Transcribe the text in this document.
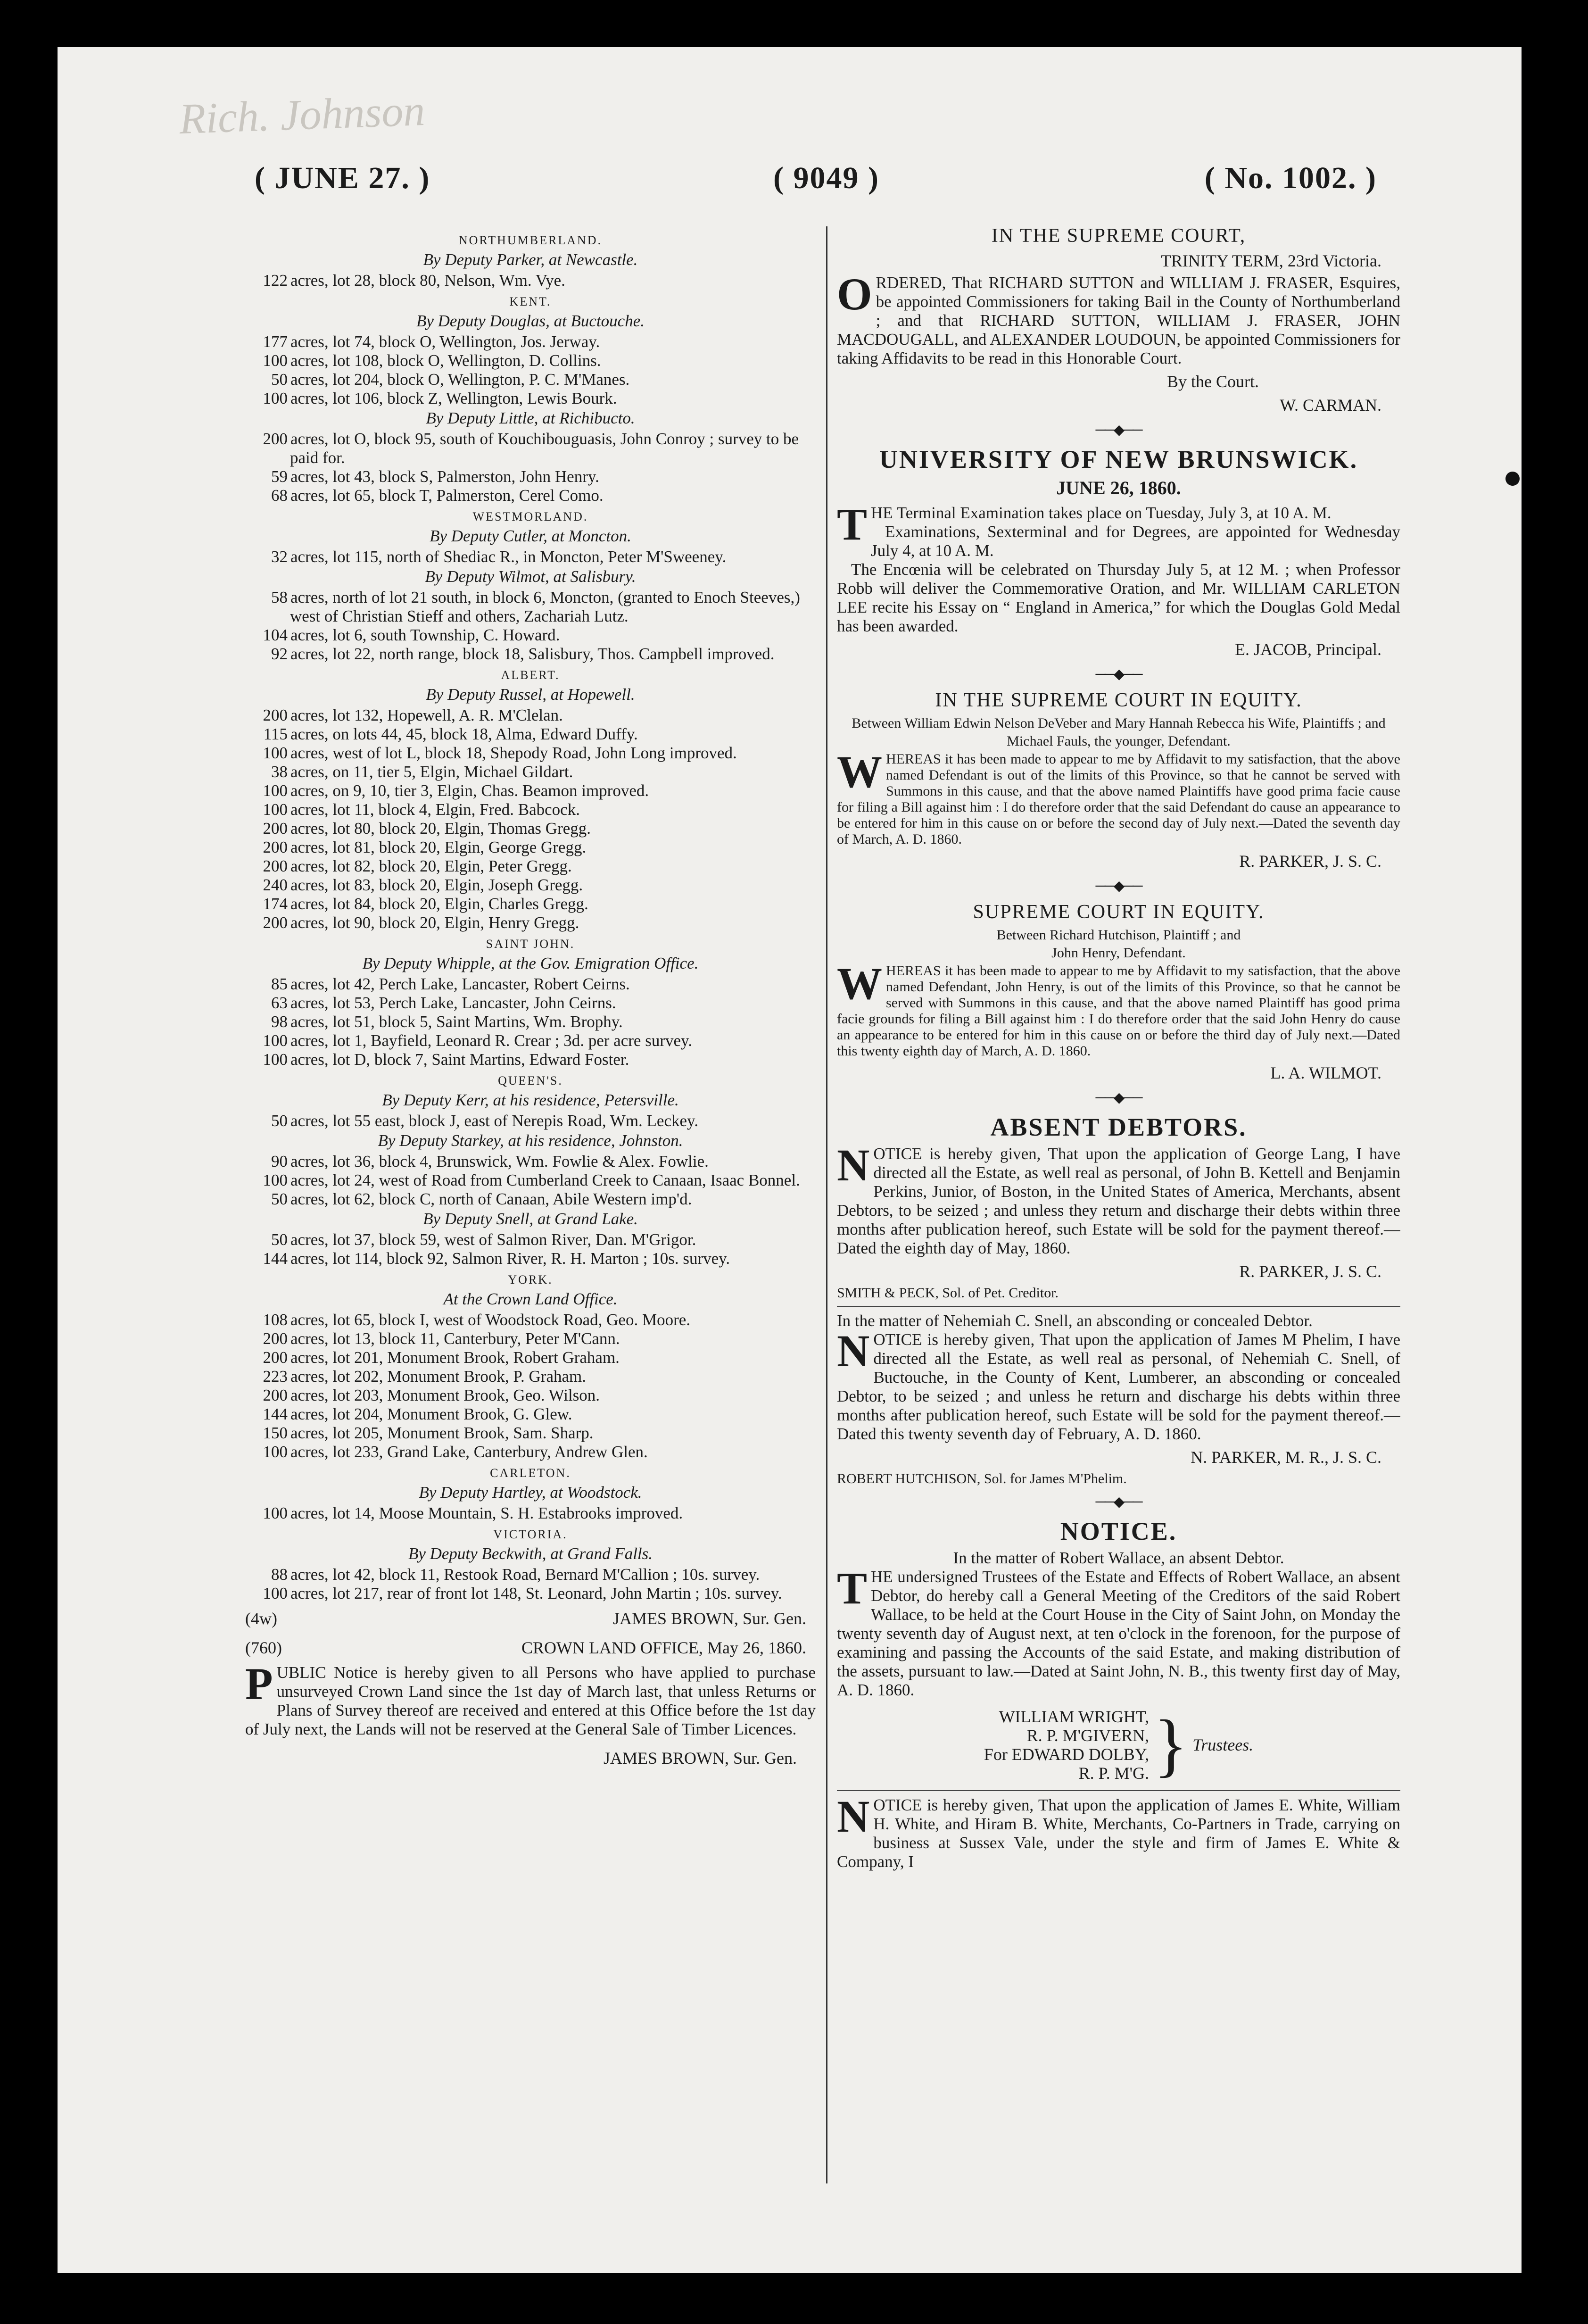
Rich. Johnson
( JUNE 27. )	( 9049 )	( No. 1002. )
NORTHUMBERLAND.
By Deputy Parker, at Newcastle.

122 acres, lot 28, block 80, Nelson, Wm. Vye.

KENT.
By Deputy Douglas, at Buctouche.

177 acres, lot 74, block O, Wellington, Jos. Jerway.

100 acres, lot 108, block O, Wellington, D. Collins.

50 acres, lot 204, block O, Wellington, P. C. M'Manes.

100 acres, lot 106, block Z, Wellington, Lewis Bourk.

By Deputy Little, at Richibucto.

200 acres, lot O, block 95, south of Kouchibouguasis, John Conroy ; survey to be paid for.

59 acres, lot 43, block S, Palmerston, John Henry.

68 acres, lot 65, block T, Palmerston, Cerel Como.

WESTMORLAND.
By Deputy Cutler, at Moncton.

32 acres, lot 115, north of Shediac R., in Moncton, Peter M'Sweeney.

By Deputy Wilmot, at Salisbury.

58 acres, north of lot 21 south, in block 6, Moncton, (granted to Enoch Steeves,) west of Christian Stieff and others, Zachariah Lutz.

104 acres, lot 6, south Township, C. Howard.

92 acres, lot 22, north range, block 18, Salisbury, Thos. Campbell improved.

ALBERT.
By Deputy Russel, at Hopewell.

200 acres, lot 132, Hopewell, A. R. M'Clelan.

115 acres, on lots 44, 45, block 18, Alma, Edward Duffy.

100 acres, west of lot L, block 18, Shepody Road, John Long improved.

38 acres, on 11, tier 5, Elgin, Michael Gildart.

100 acres, on 9, 10, tier 3, Elgin, Chas. Beamon improved.

100 acres, lot 11, block 4, Elgin, Fred. Babcock.

200 acres, lot 80, block 20, Elgin, Thomas Gregg.

200 acres, lot 81, block 20, Elgin, George Gregg.

200 acres, lot 82, block 20, Elgin, Peter Gregg.

240 acres, lot 83, block 20, Elgin, Joseph Gregg.

174 acres, lot 84, block 20, Elgin, Charles Gregg.

200 acres, lot 90, block 20, Elgin, Henry Gregg.

SAINT JOHN.
By Deputy Whipple, at the Gov. Emigration Office.

85 acres, lot 42, Perch Lake, Lancaster, Robert Ceirns.

63 acres, lot 53, Perch Lake, Lancaster, John Ceirns.

98 acres, lot 51, block 5, Saint Martins, Wm. Brophy.

100 acres, lot 1, Bayfield, Leonard R. Crear ; 3d. per acre survey.

100 acres, lot D, block 7, Saint Martins, Edward Foster.

QUEEN'S.
By Deputy Kerr, at his residence, Petersville.

50 acres, lot 55 east, block J, east of Nerepis Road, Wm. Leckey.

By Deputy Starkey, at his residence, Johnston.

90 acres, lot 36, block 4, Brunswick, Wm. Fowlie & Alex. Fowlie.

100 acres, lot 24, west of Road from Cumberland Creek to Canaan, Isaac Bonnel.

50 acres, lot 62, block C, north of Canaan, Abile Western imp'd.

By Deputy Snell, at Grand Lake.

50 acres, lot 37, block 59, west of Salmon River, Dan. M'Grigor.

144 acres, lot 114, block 92, Salmon River, R. H. Marton ; 10s. survey.

YORK.
At the Crown Land Office.

108 acres, lot 65, block I, west of Woodstock Road, Geo. Moore.

200 acres, lot 13, block 11, Canterbury, Peter M'Cann.

200 acres, lot 201, Monument Brook, Robert Graham.

223 acres, lot 202, Monument Brook, P. Graham.

200 acres, lot 203, Monument Brook, Geo. Wilson.

144 acres, lot 204, Monument Brook, G. Glew.

150 acres, lot 205, Monument Brook, Sam. Sharp.

100 acres, lot 233, Grand Lake, Canterbury, Andrew Glen.

CARLETON.
By Deputy Hartley, at Woodstock.

100 acres, lot 14, Moose Mountain, S. H. Estabrooks improved.

VICTORIA.
By Deputy Beckwith, at Grand Falls.

88 acres, lot 42, block 11, Restook Road, Bernard M'Callion ; 10s. survey.

100 acres, lot 217, rear of front lot 148, St. Leonard, John Martin ; 10s. survey.

(4w)	JAMES BROWN, Sur. Gen.
(760)	CROWN LAND OFFICE, May 26, 1860.

PUBLIC Notice is hereby given to all Persons who have applied to purchase unsurveyed Crown Land since the 1st day of March last, that unless Returns or Plans of Survey thereof are received and entered at this Office before the 1st day of July next, the Lands will not be reserved at the General Sale of Timber Licences.

JAMES BROWN, Sur. Gen.
IN THE SUPREME COURT,
TRINITY TERM, 23rd Victoria.

ORDERED, That RICHARD SUTTON and WILLIAM J. FRASER, Esquires, be appointed Commissioners for taking Bail in the County of Northumberland ; and that RICHARD SUTTON, WILLIAM J. FRASER, JOHN MACDOUGALL, and ALEXANDER LOUDOUN, be appointed Commissioners for taking Affidavits to be read in this Honorable Court.

By the Court.
W. CARMAN.
──◆──
UNIVERSITY OF NEW BRUNSWICK.
JUNE 26, 1860.

THE Terminal Examination takes place on Tuesday, July 3, at 10 A. M.

Examinations, Sexterminal and for Degrees, are appointed for Wednesday July 4, at 10 A. M.

The Encœnia will be celebrated on Thursday July 5, at 12 M. ; when Professor Robb will deliver the Commemorative Oration, and Mr. WILLIAM CARLETON LEE recite his Essay on “ England in America,” for which the Douglas Gold Medal has been awarded.

E. JACOB, Principal.
──◆──
IN THE SUPREME COURT IN EQUITY.
Between William Edwin Nelson DeVeber and Mary Hannah Rebecca his Wife, Plaintiffs ; and
Michael Fauls, the younger, Defendant.

WHEREAS it has been made to appear to me by Affidavit to my satisfaction, that the above named Defendant is out of the limits of this Province, so that he cannot be served with Summons in this cause, and that the above named Plaintiffs have good prima facie cause for filing a Bill against him : I do therefore order that the said Defendant do cause an appearance to be entered for him in this cause on or before the second day of July next.—Dated the seventh day of March, A. D. 1860.

R. PARKER, J. S. C.
──◆──
SUPREME COURT IN EQUITY.
Between Richard Hutchison, Plaintiff ; and
John Henry, Defendant.

WHEREAS it has been made to appear to me by Affidavit to my satisfaction, that the above named Defendant, John Henry, is out of the limits of this Province, so that he cannot be served with Summons in this cause, and that the above named Plaintiff has good prima facie grounds for filing a Bill against him : I do therefore order that the said John Henry do cause an appearance to be entered for him in this cause on or before the third day of July next.—Dated this twenty eighth day of March, A. D. 1860.

L. A. WILMOT.
──◆──
ABSENT DEBTORS.

NOTICE is hereby given, That upon the application of George Lang, I have directed all the Estate, as well real as personal, of John B. Kettell and Benjamin Perkins, Junior, of Boston, in the United States of America, Merchants, absent Debtors, to be seized ; and unless they return and discharge their debts within three months after publication hereof, such Estate will be sold for the payment thereof.—Dated the eighth day of May, 1860.

R. PARKER, J. S. C.

SMITH & PECK, Sol. of Pet. Creditor.

In the matter of Nehemiah C. Snell, an absconding or concealed Debtor.

NOTICE is hereby given, That upon the application of James M Phelim, I have directed all the Estate, as well real as personal, of Nehemiah C. Snell, of Buctouche, in the County of Kent, Lumberer, an absconding or concealed Debtor, to be seized ; and unless he return and discharge his debts within three months after publication hereof, such Estate will be sold for the payment thereof.—Dated this twenty seventh day of February, A. D. 1860.

N. PARKER, M. R., J. S. C.

ROBERT HUTCHISON, Sol. for James M'Phelim.

──◆──
NOTICE.

In the matter of Robert Wallace, an absent Debtor.

THE undersigned Trustees of the Estate and Effects of Robert Wallace, an absent Debtor, do hereby call a General Meeting of the Creditors of the said Robert Wallace, to be held at the Court House in the City of Saint John, on Monday the twenty seventh day of August next, at ten o'clock in the forenoon, for the purpose of examining and passing the Accounts of the said Estate, and making distribution of the assets, pursuant to law.—Dated at Saint John, N. B., this twenty first day of May, A. D. 1860.

WILLIAM WRIGHT,
R. P. M'GIVERN,
For EDWARD DOLBY,
R. P. M'G. } Trustees.

NOTICE is hereby given, That upon the application of James E. White, William H. White, and Hiram B. White, Merchants, Co-Partners in Trade, carrying on business at Sussex Vale, under the style and firm of James E. White & Company, I
